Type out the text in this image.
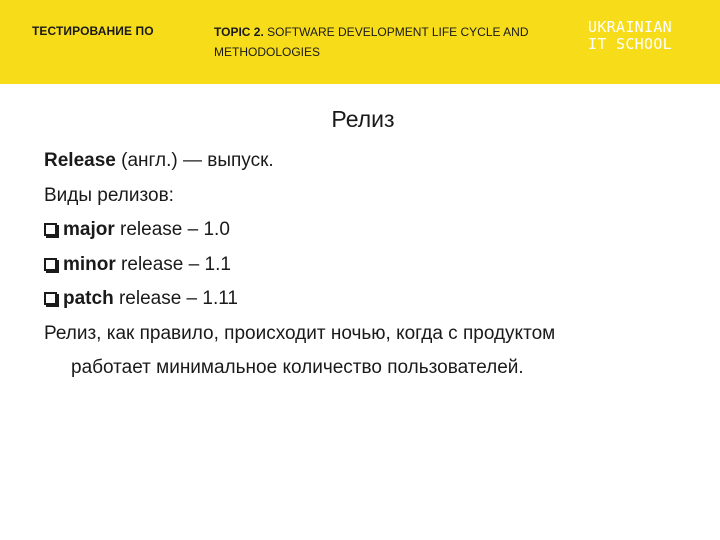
ТЕСТИРОВАНИЕ ПО	TOPIC 2. SOFTWARE DEVELOPMENT LIFE CYCLE AND METHODOLOGIES
UKRAINIAN
IT SCHOOL
Релиз
Release (англ.) — выпуск.
Виды релизов:
major release – 1.0
minor release – 1.1
patch release – 1.11
Релиз, как правило, происходит ночью, когда с продуктом
работает минимальное количество пользователей.
